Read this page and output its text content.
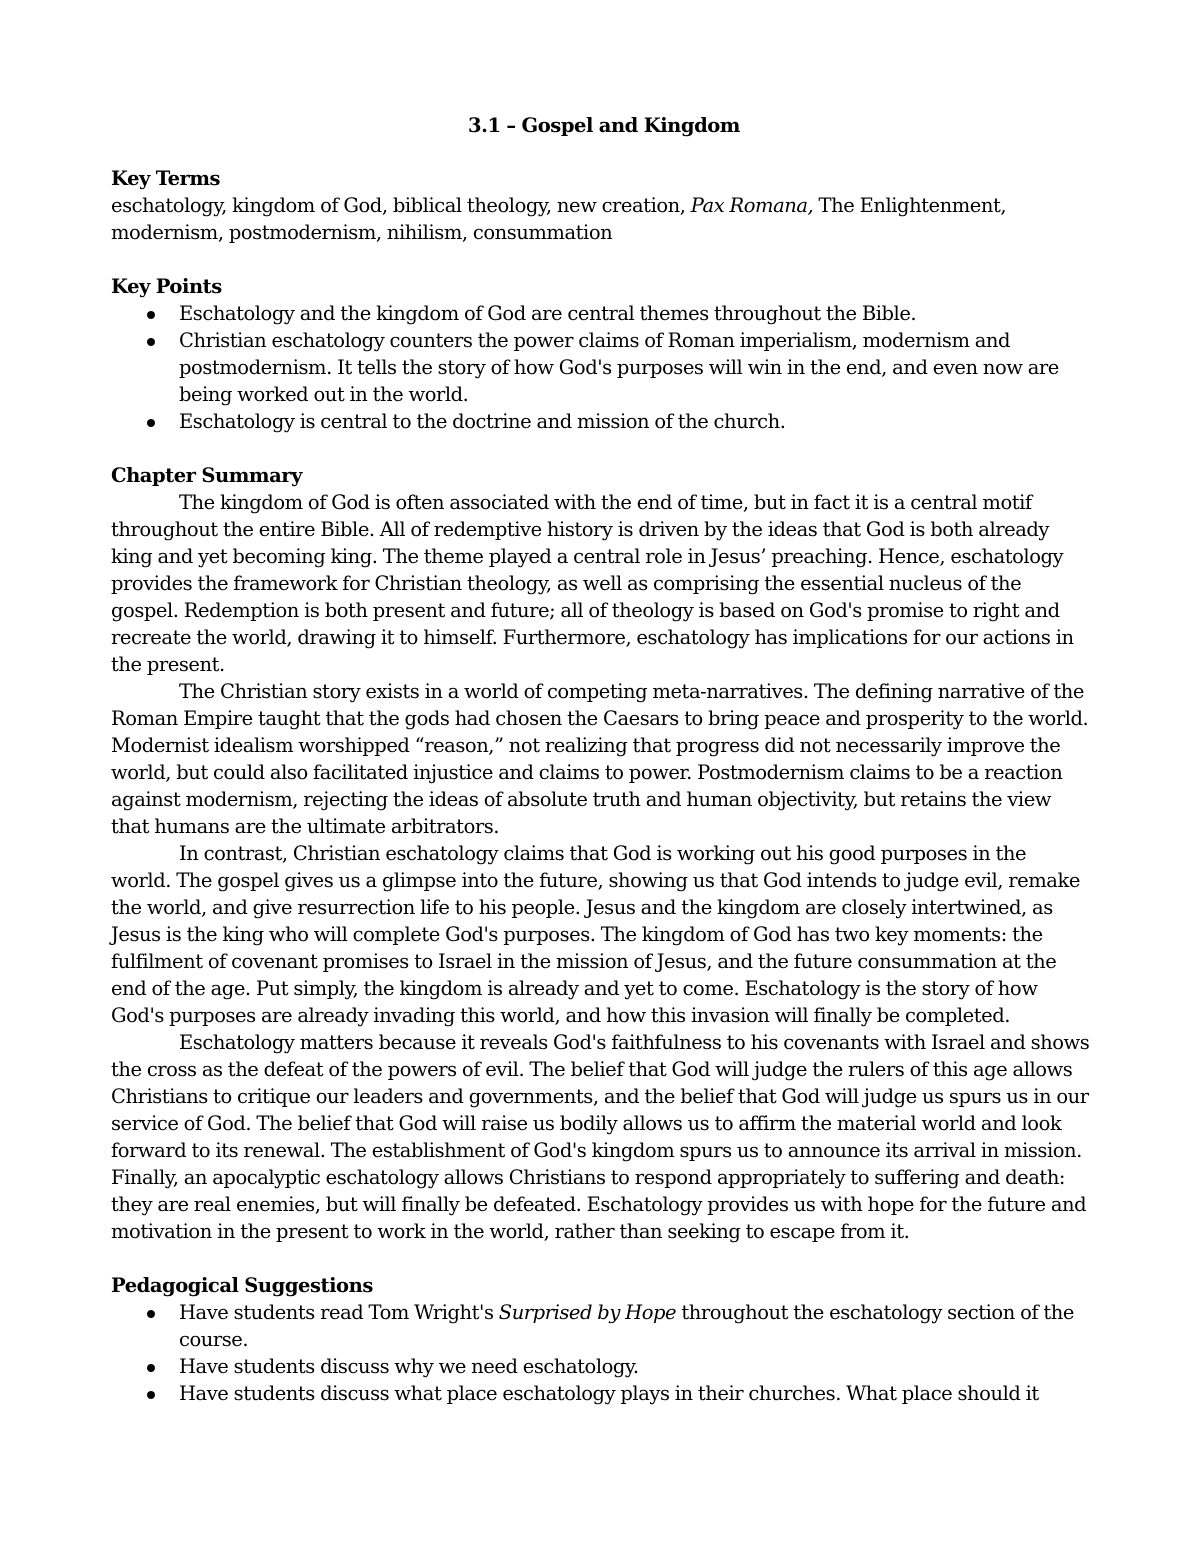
3.1 – Gospel and Kingdom

Key Terms

eschatology, kingdom of God, biblical theology, new creation, Pax Romana, The Enlightenment, modernism, postmodernism, nihilism, consummation

Key Points

Eschatology and the kingdom of God are central themes throughout the Bible.
Christian eschatology counters the power claims of Roman imperialism, modernism and postmodernism. It tells the story of how God's purposes will win in the end, and even now are being worked out in the world.
Eschatology is central to the doctrine and mission of the church.

Chapter Summary

The kingdom of God is often associated with the end of time, but in fact it is a central motif throughout the entire Bible. All of redemptive history is driven by the ideas that God is both already king and yet becoming king. The theme played a central role in Jesus’ preaching. Hence, eschatology provides the framework for Christian theology, as well as comprising the essential nucleus of the gospel. Redemption is both present and future; all of theology is based on God's promise to right and recreate the world, drawing it to himself. Furthermore, eschatology has implications for our actions in the present.

The Christian story exists in a world of competing meta-narratives. The defining narrative of the Roman Empire taught that the gods had chosen the Caesars to bring peace and prosperity to the world. Modernist idealism worshipped “reason,” not realizing that progress did not necessarily improve the world, but could also facilitated injustice and claims to power. Postmodernism claims to be a reaction against modernism, rejecting the ideas of absolute truth and human objectivity, but retains the view that humans are the ultimate arbitrators.

In contrast, Christian eschatology claims that God is working out his good purposes in the world. The gospel gives us a glimpse into the future, showing us that God intends to judge evil, remake the world, and give resurrection life to his people. Jesus and the kingdom are closely intertwined, as Jesus is the king who will complete God's purposes. The kingdom of God has two key moments: the fulfilment of covenant promises to Israel in the mission of Jesus, and the future consummation at the end of the age. Put simply, the kingdom is already and yet to come. Eschatology is the story of how God's purposes are already invading this world, and how this invasion will finally be completed.

Eschatology matters because it reveals God's faithfulness to his covenants with Israel and shows the cross as the defeat of the powers of evil. The belief that God will judge the rulers of this age allows Christians to critique our leaders and governments, and the belief that God will judge us spurs us in our service of God. The belief that God will raise us bodily allows us to affirm the material world and look forward to its renewal. The establishment of God's kingdom spurs us to announce its arrival in mission. Finally, an apocalyptic eschatology allows Christians to respond appropriately to suffering and death: they are real enemies, but will finally be defeated. Eschatology provides us with hope for the future and motivation in the present to work in the world, rather than seeking to escape from it.

Pedagogical Suggestions

Have students read Tom Wright's Surprised by Hope throughout the eschatology section of the course.
Have students discuss why we need eschatology.
Have students discuss what place eschatology plays in their churches. What place should it
